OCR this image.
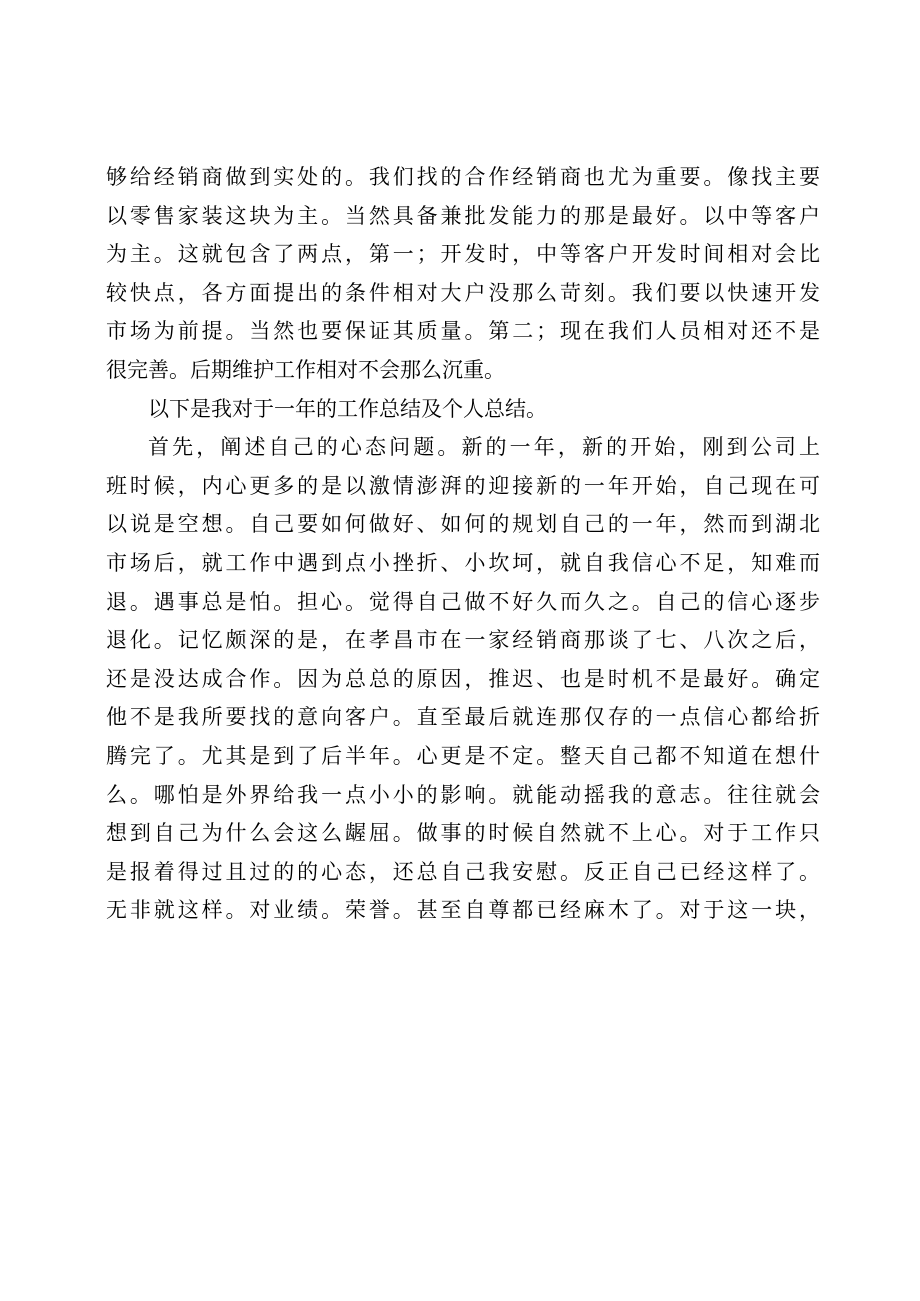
够给经销商做到实处的。我们找的合作经销商也尤为重要。像找主要
以零售家装这块为主。当然具备兼批发能力的那是最好。以中等客户
为主。这就包含了两点，第一；开发时，中等客户开发时间相对会比
较快点，各方面提出的条件相对大户没那么苛刻。我们要以快速开发
市场为前提。当然也要保证其质量。第二；现在我们人员相对还不是
很完善。后期维护工作相对不会那么沉重。
以下是我对于一年的工作总结及个人总结。
首先，阐述自己的心态问题。新的一年，新的开始，刚到公司上
班时候，内心更多的是以激情澎湃的迎接新的一年开始，自己现在可
以说是空想。自己要如何做好、如何的规划自己的一年，然而到湖北
市场后，就工作中遇到点小挫折、小坎坷，就自我信心不足，知难而
退。遇事总是怕。担心。觉得自己做不好久而久之。自己的信心逐步
退化。记忆颇深的是，在孝昌市在一家经销商那谈了七、八次之后，
还是没达成合作。因为总总的原因，推迟、也是时机不是最好。确定
他不是我所要找的意向客户。直至最后就连那仅存的一点信心都给折
腾完了。尤其是到了后半年。心更是不定。整天自己都不知道在想什
么。哪怕是外界给我一点小小的影响。就能动摇我的意志。往往就会
想到自己为什么会这么龌屈。做事的时候自然就不上心。对于工作只
是报着得过且过的的心态，还总自己我安慰。反正自己已经这样了。
无非就这样。对业绩。荣誉。甚至自尊都已经麻木了。对于这一块，
